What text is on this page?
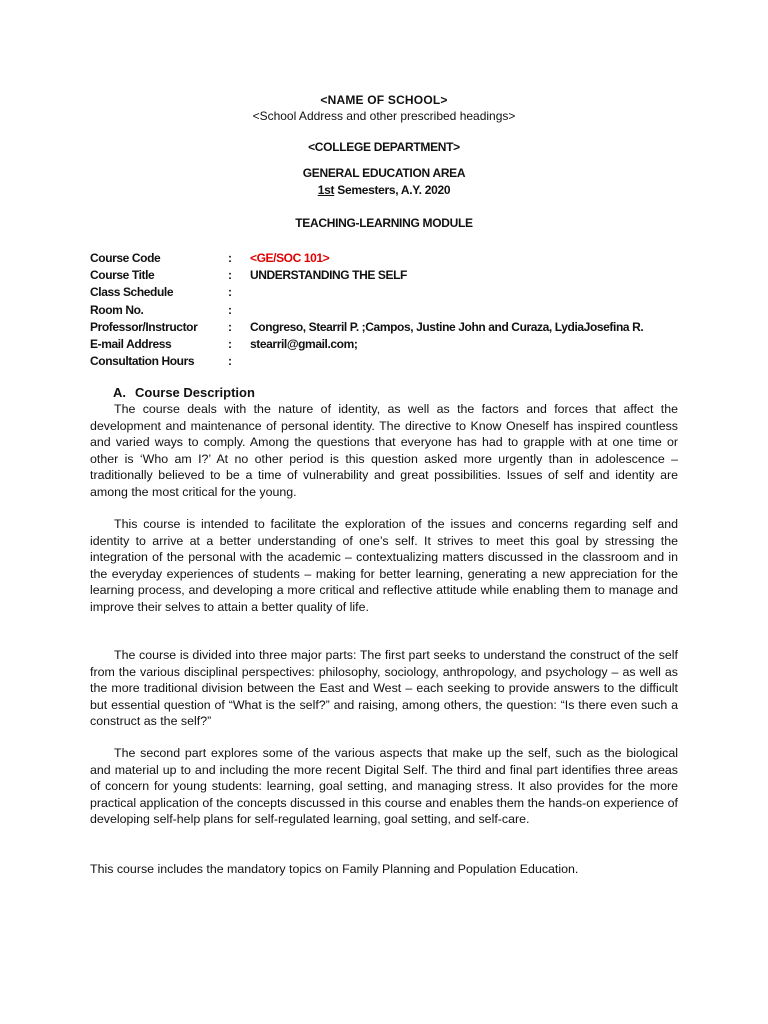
<NAME OF SCHOOL>
<School Address and other prescribed headings>
<COLLEGE DEPARTMENT>
GENERAL EDUCATION AREA
1st Semesters, A.Y. 2020
TEACHING-LEARNING MODULE
Course Code	: <GE/SOC 101>
Course Title	: UNDERSTANDING THE SELF
Class Schedule	:
Room No.	:
Professor/Instructor	: Congreso, Stearril P. ;Campos, Justine John and Curaza, LydiaJosefina R.
E-mail Address	: stearril@gmail.com;
Consultation Hours	:
A. Course Description

The course deals with the nature of identity, as well as the factors and forces that affect the development and maintenance of personal identity. The directive to Know Oneself has inspired countless and varied ways to comply. Among the questions that everyone has had to grapple with at one time or other is ‘Who am I?’ At no other period is this question asked more urgently than in adolescence – traditionally believed to be a time of vulnerability and great possibilities. Issues of self and identity are among the most critical for the young.

This course is intended to facilitate the exploration of the issues and concerns regarding self and identity to arrive at a better understanding of one’s self. It strives to meet this goal by stressing the integration of the personal with the academic – contextualizing matters discussed in the classroom and in the everyday experiences of students – making for better learning, generating a new appreciation for the learning process, and developing a more critical and reflective attitude while enabling them to manage and improve their selves to attain a better quality of life.

The course is divided into three major parts: The first part seeks to understand the construct of the self from the various disciplinal perspectives: philosophy, sociology, anthropology, and psychology – as well as the more traditional division between the East and West – each seeking to provide answers to the difficult but essential question of “What is the self?” and raising, among others, the question: “Is there even such a construct as the self?”

The second part explores some of the various aspects that make up the self, such as the biological and material up to and including the more recent Digital Self. The third and final part identifies three areas of concern for young students: learning, goal setting, and managing stress. It also provides for the more practical application of the concepts discussed in this course and enables them the hands-on experience of developing self-help plans for self-regulated learning, goal setting, and self-care.

This course includes the mandatory topics on Family Planning and Population Education.
